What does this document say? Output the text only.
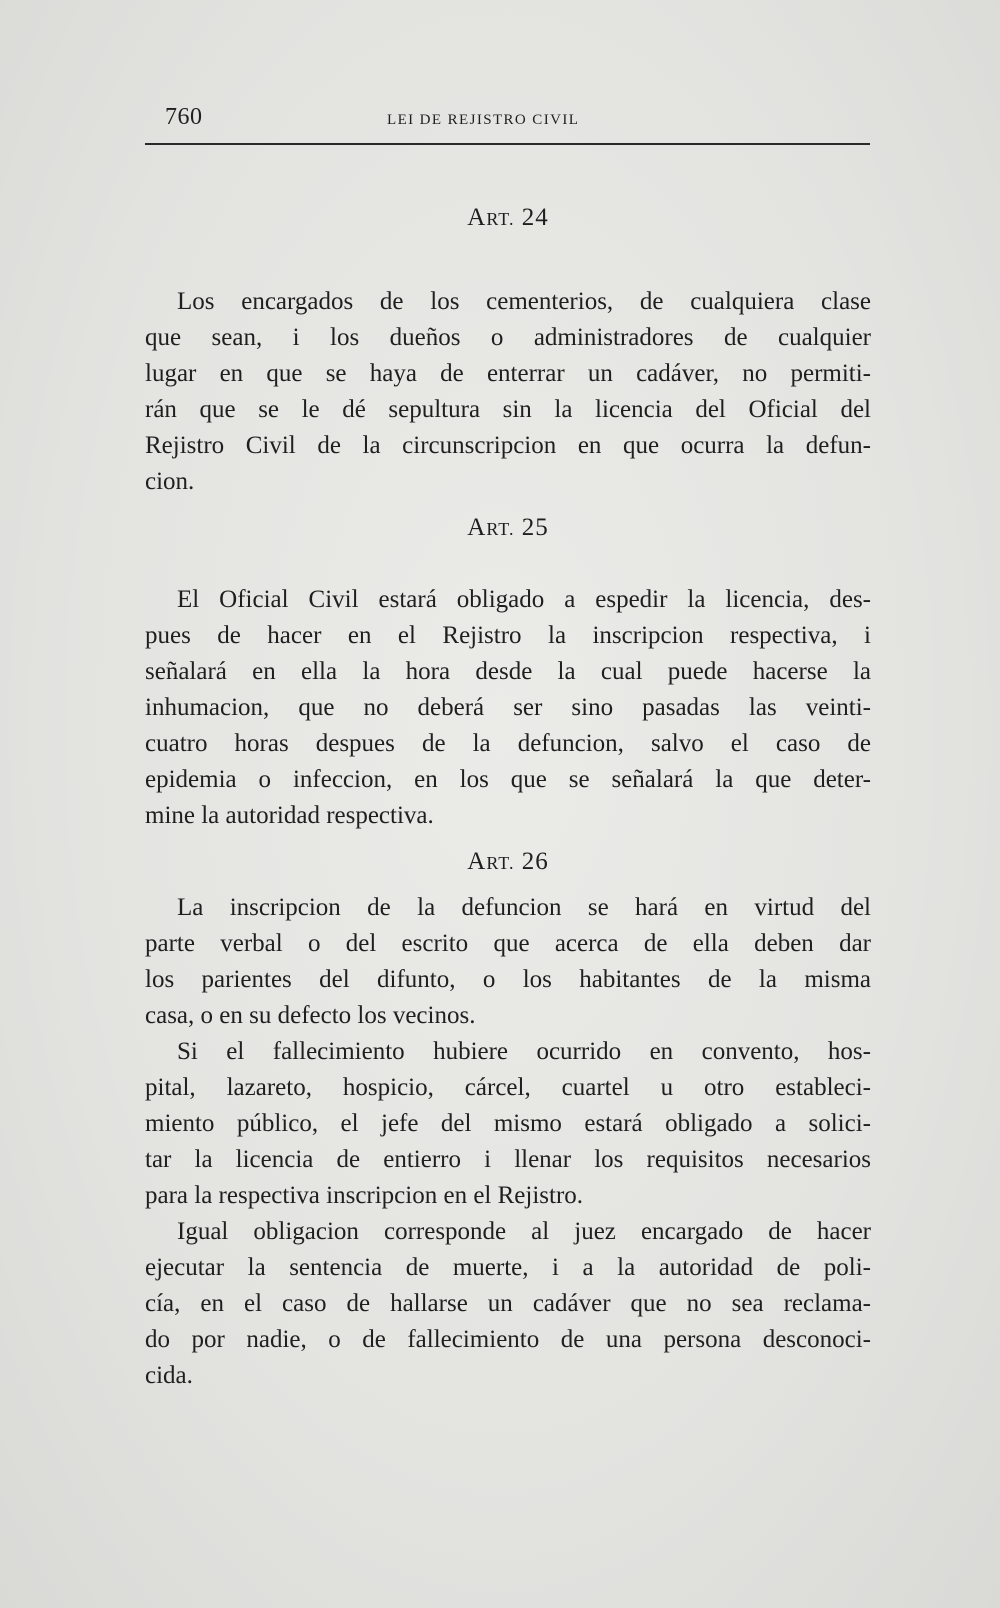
760	LEI DE REJISTRO CIVIL
ART. 24
Los encargados de los cementerios, de cualquiera clase
que sean, i los dueños o administradores de cualquier
lugar en que se haya de enterrar un cadáver, no permiti-
rán que se le dé sepultura sin la licencia del Oficial del
Rejistro Civil de la circunscripcion en que ocurra la defun-
cion.
ART. 25
El Oficial Civil estará obligado a espedir la licencia, des-
pues de hacer en el Rejistro la inscripcion respectiva, i
señalará en ella la hora desde la cual puede hacerse la
inhumacion, que no deberá ser sino pasadas las veinti-
cuatro horas despues de la defuncion, salvo el caso de
epidemia o infeccion, en los que se señalará la que deter-
mine la autoridad respectiva.
ART. 26
La inscripcion de la defuncion se hará en virtud del
parte verbal o del escrito que acerca de ella deben dar
los parientes del difunto, o los habitantes de la misma
casa, o en su defecto los vecinos.
Si el fallecimiento hubiere ocurrido en convento, hos-
pital, lazareto, hospicio, cárcel, cuartel u otro estableci-
miento público, el jefe del mismo estará obligado a solici-
tar la licencia de entierro i llenar los requisitos necesarios
para la respectiva inscripcion en el Rejistro.
Igual obligacion corresponde al juez encargado de hacer
ejecutar la sentencia de muerte, i a la autoridad de poli-
cía, en el caso de hallarse un cadáver que no sea reclama-
do por nadie, o de fallecimiento de una persona desconoci-
cida.
